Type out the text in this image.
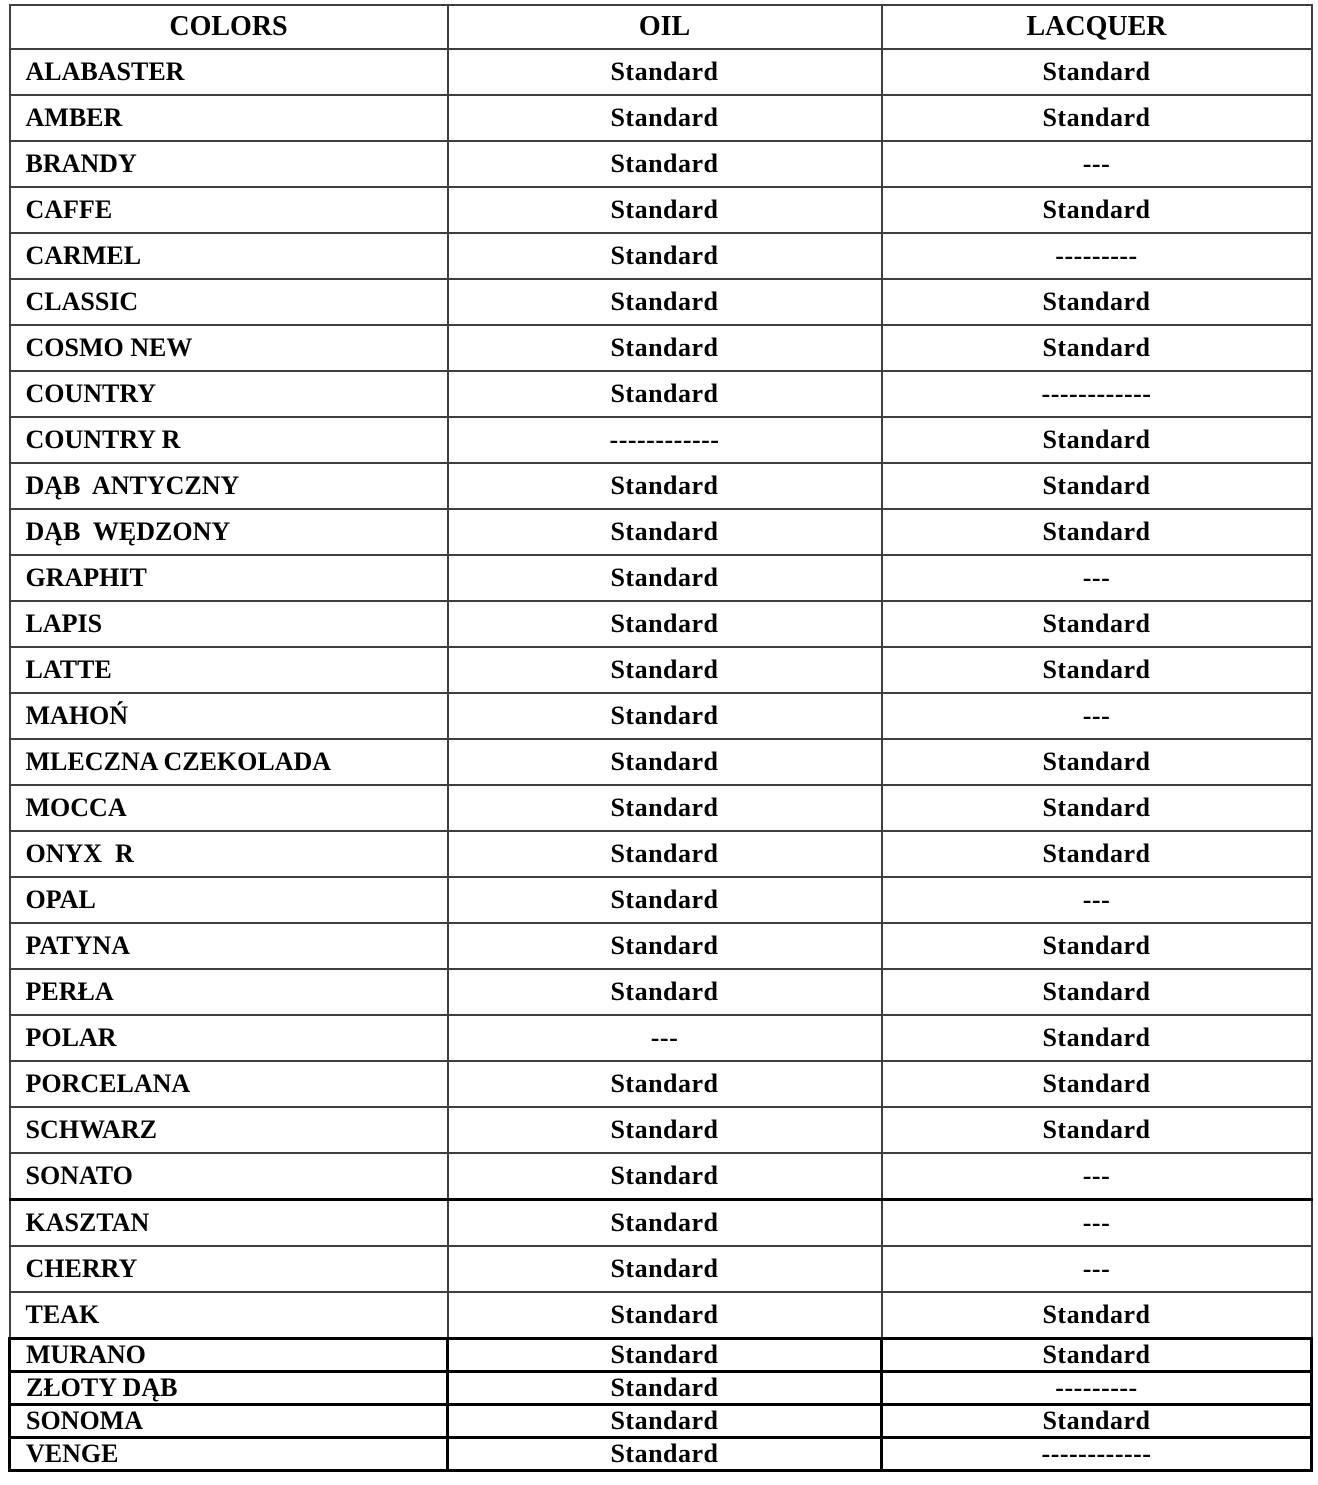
COLORS	OIL	LACQUER
ALABASTER	Standard	Standard
AMBER	Standard	Standard
BRANDY	Standard	---
CAFFE	Standard	Standard
CARMEL	Standard	---------
CLASSIC	Standard	Standard
COSMO NEW	Standard	Standard
COUNTRY	Standard	------------
COUNTRY R	------------	Standard
DĄB  ANTYCZNY	Standard	Standard
DĄB  WĘDZONY	Standard	Standard
GRAPHIT	Standard	---
LAPIS	Standard	Standard
LATTE	Standard	Standard
MAHOŃ	Standard	---
MLECZNA CZEKOLADA	Standard	Standard
MOCCA	Standard	Standard
ONYX  R	Standard	Standard
OPAL	Standard	---
PATYNA	Standard	Standard
PERŁA	Standard	Standard
POLAR	---	Standard
PORCELANA	Standard	Standard
SCHWARZ	Standard	Standard
SONATO	Standard	---
KASZTAN	Standard	---
CHERRY	Standard	---
TEAK	Standard	Standard
MURANO	Standard	Standard
ZŁOTY DĄB	Standard	---------
SONOMA	Standard	Standard
VENGE	Standard	------------
